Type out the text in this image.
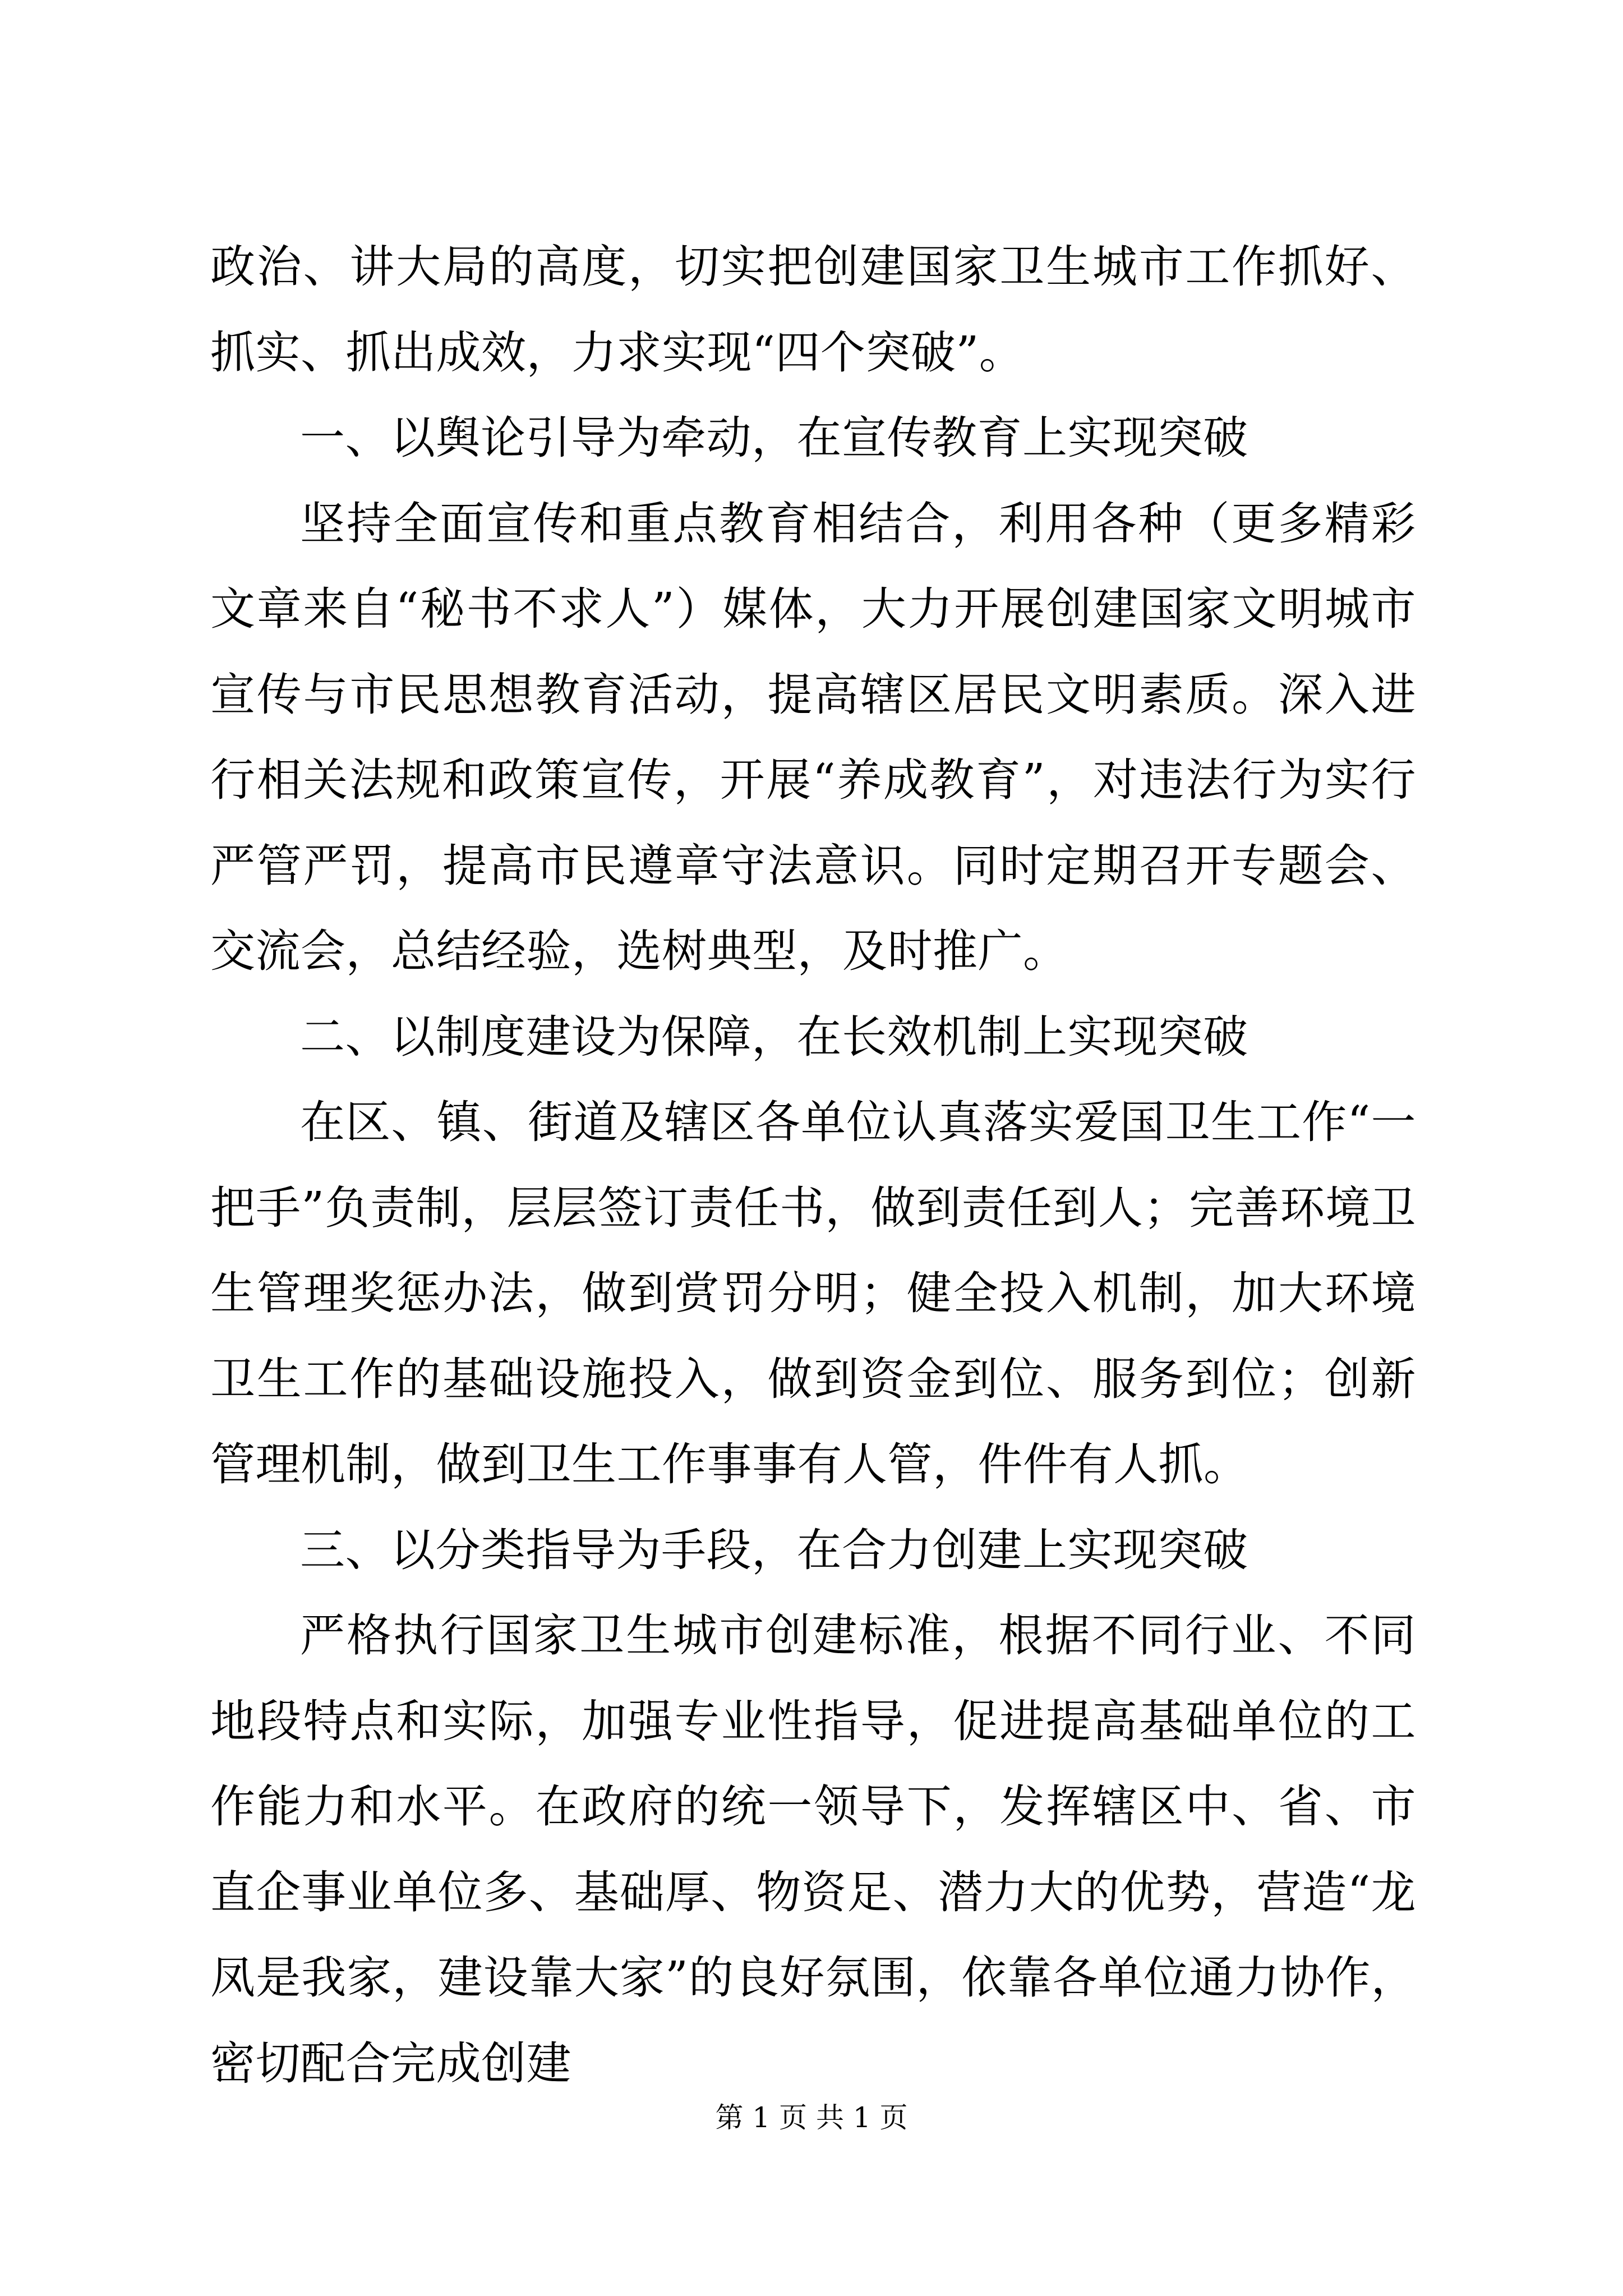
政治、讲大局的高度，切实把创建国家卫生城市工作抓好、抓实、抓出成效，力求实现“四个突破”。

一、以舆论引导为牵动，在宣传教育上实现突破

坚持全面宣传和重点教育相结合，利用各种（更多精彩文章来自“秘书不求人”）媒体，大力开展创建国家文明城市宣传与市民思想教育活动，提高辖区居民文明素质。深入进行相关法规和政策宣传，开展“养成教育”，对违法行为实行严管严罚，提高市民遵章守法意识。同时定期召开专题会、交流会，总结经验，选树典型，及时推广。

二、以制度建设为保障，在长效机制上实现突破

在区、镇、街道及辖区各单位认真落实爱国卫生工作“一把手”负责制，层层签订责任书，做到责任到人；完善环境卫生管理奖惩办法，做到赏罚分明；健全投入机制，加大环境卫生工作的基础设施投入，做到资金到位、服务到位；创新管理机制，做到卫生工作事事有人管，件件有人抓。

三、以分类指导为手段，在合力创建上实现突破

严格执行国家卫生城市创建标准，根据不同行业、不同地段特点和实际，加强专业性指导，促进提高基础单位的工作能力和水平。在政府的统一领导下，发挥辖区中、省、市直企事业单位多、基础厚、物资足、潜力大的优势，营造“龙凤是我家，建设靠大家”的良好氛围，依靠各单位通力协作，密切配合完成创建

第 1 页 共 1 页
